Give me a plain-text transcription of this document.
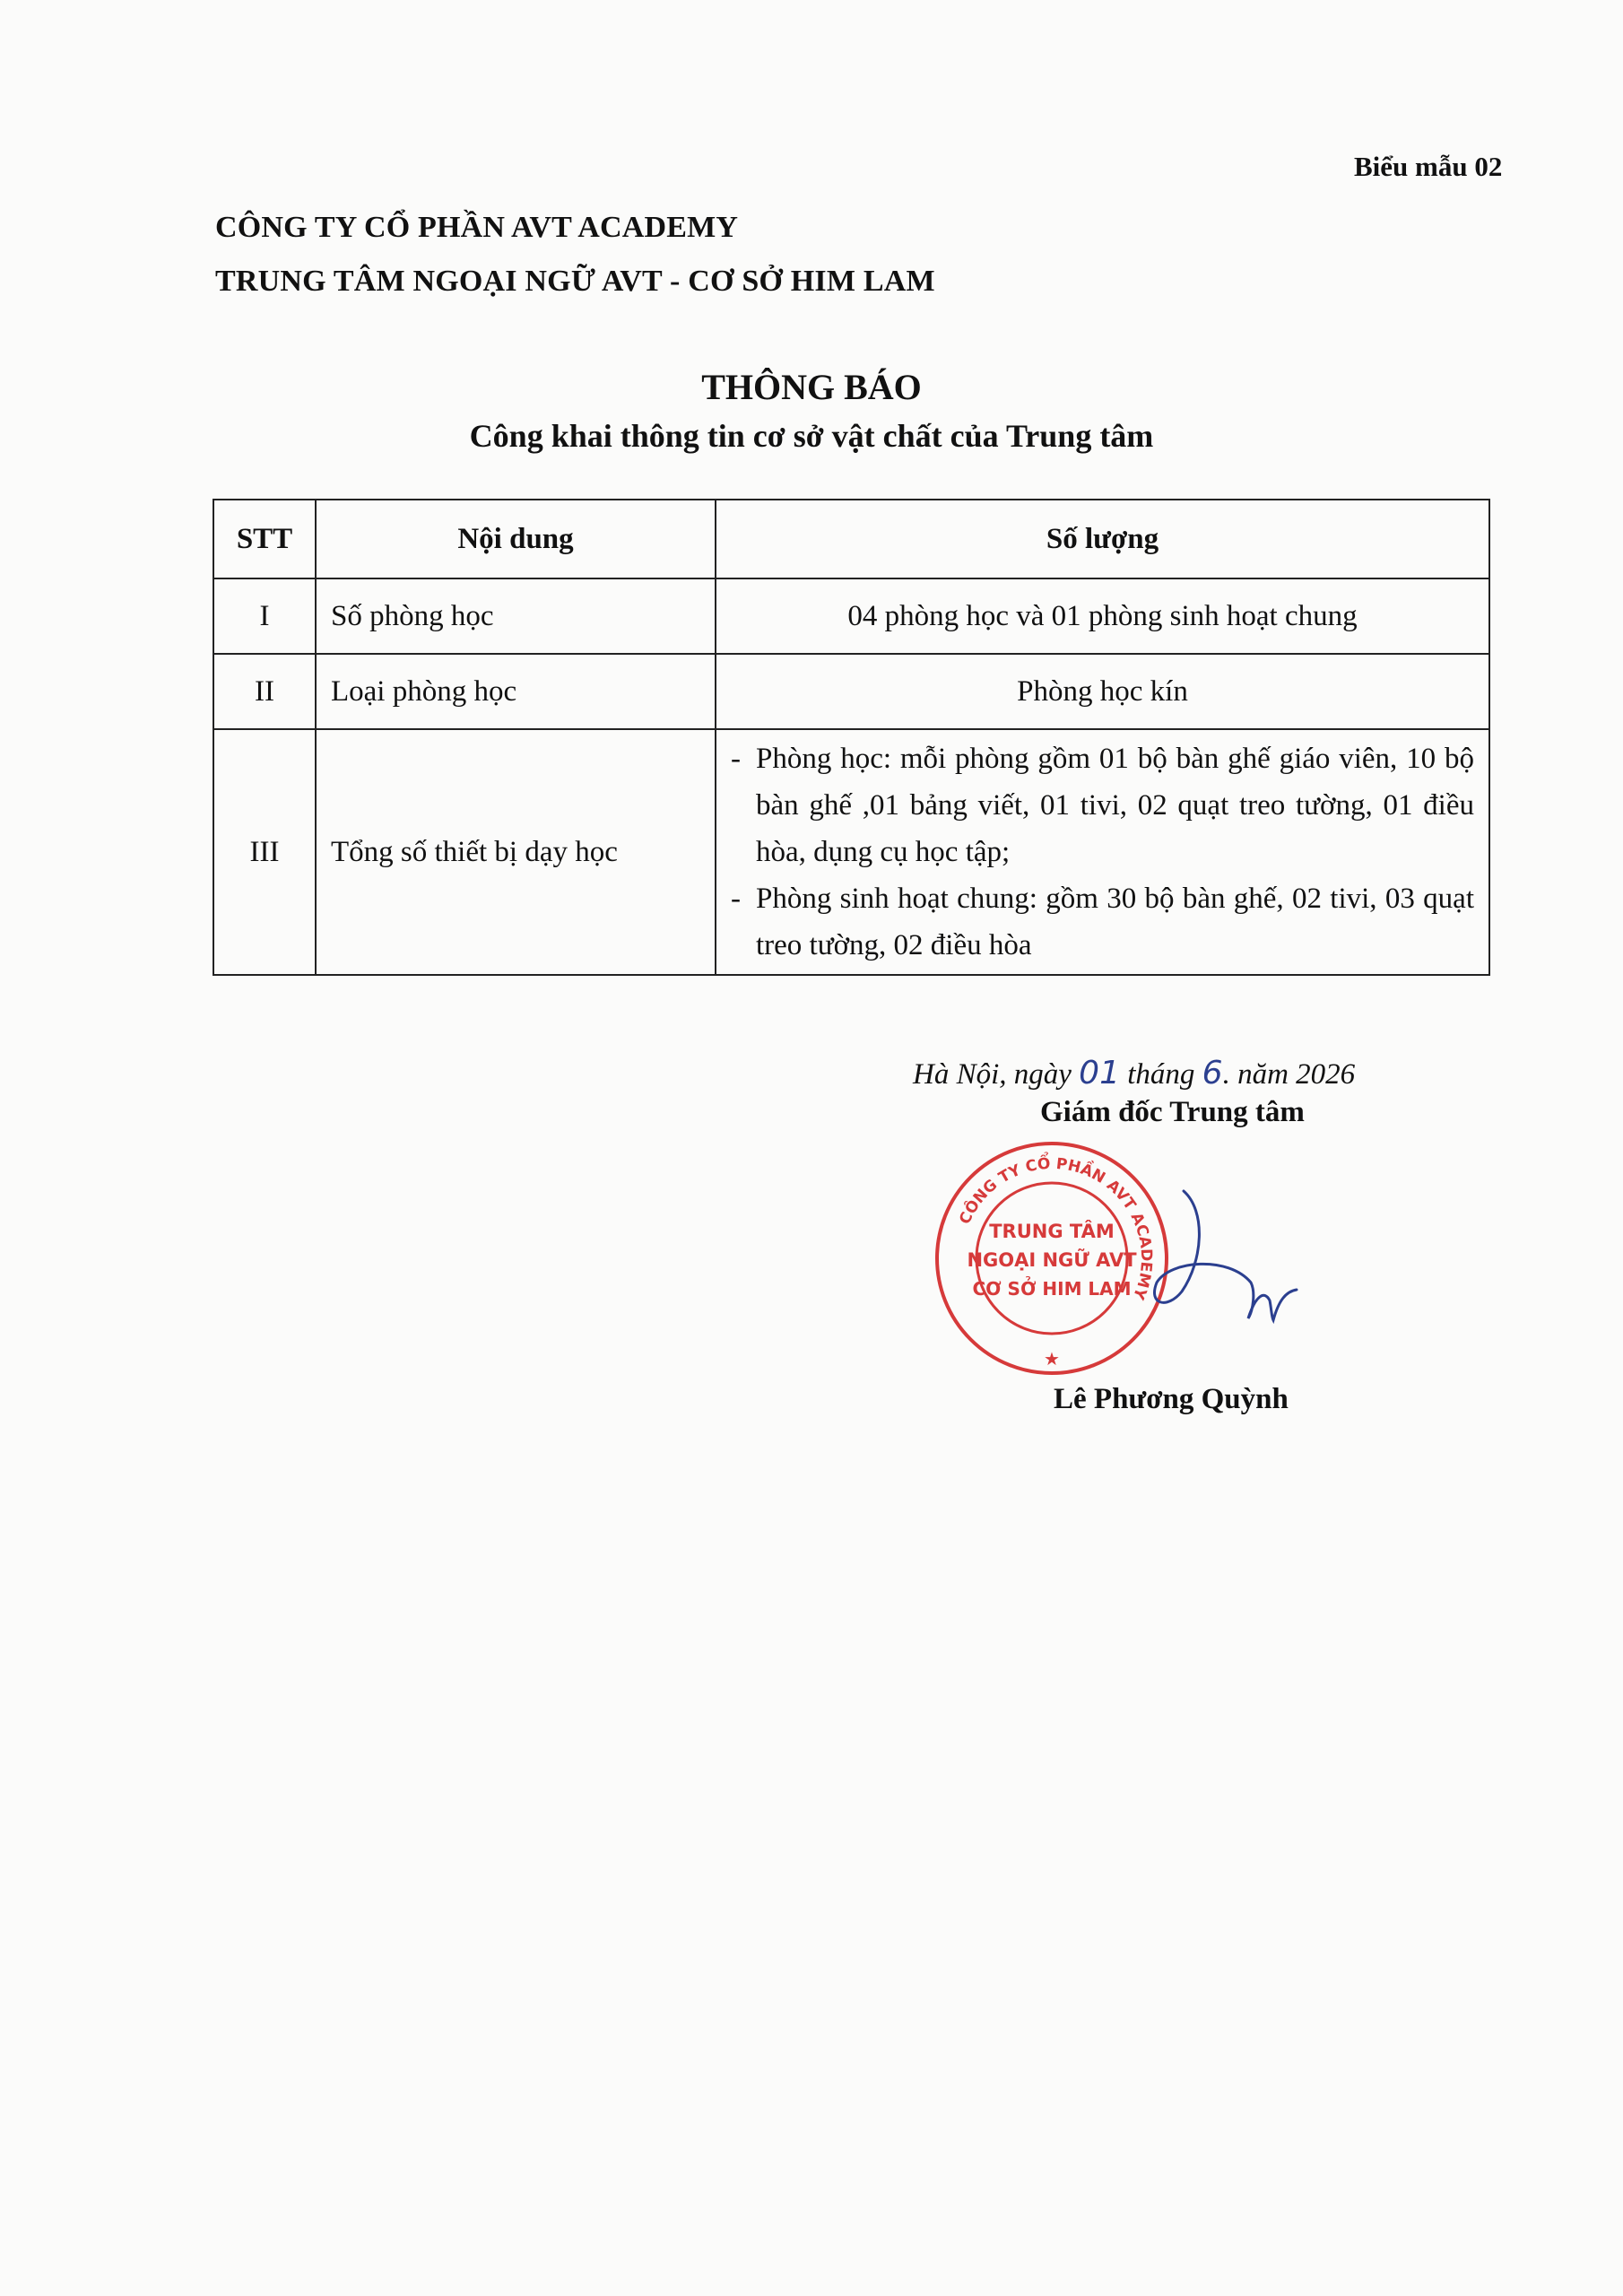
Biểu mẫu 02
CÔNG TY CỔ PHẦN AVT ACADEMY
TRUNG TÂM NGOẠI NGỮ AVT - CƠ SỞ HIM LAM
THÔNG BÁO
Công khai thông tin cơ sở vật chất của Trung tâm
STT	Nội dung	Số lượng
I	Số phòng học	04 phòng học và 01 phòng sinh hoạt chung
II	Loại phòng học	Phòng học kín
III	Tổng số thiết bị dạy học	- Phòng học: mỗi phòng gồm 01 bộ bàn ghế giáo viên, 10 bộ bàn ghế ,01 bảng viết, 01 tivi, 02 quạt treo tường, 01 điều hòa, dụng cụ học tập;
- Phòng sinh hoạt chung: gồm 30 bộ bàn ghế, 02 tivi, 03 quạt treo tường, 02 điều hòa
Hà Nội, ngày 01 tháng 6. năm 2026
Giám đốc Trung tâm
CÔNG TY CỔ PHẦN AVT ACADEMY
TRUNG TÂM
NGOẠI NGỮ AVT
CƠ SỞ HIM LAM
★
Lê Phương Quỳnh
